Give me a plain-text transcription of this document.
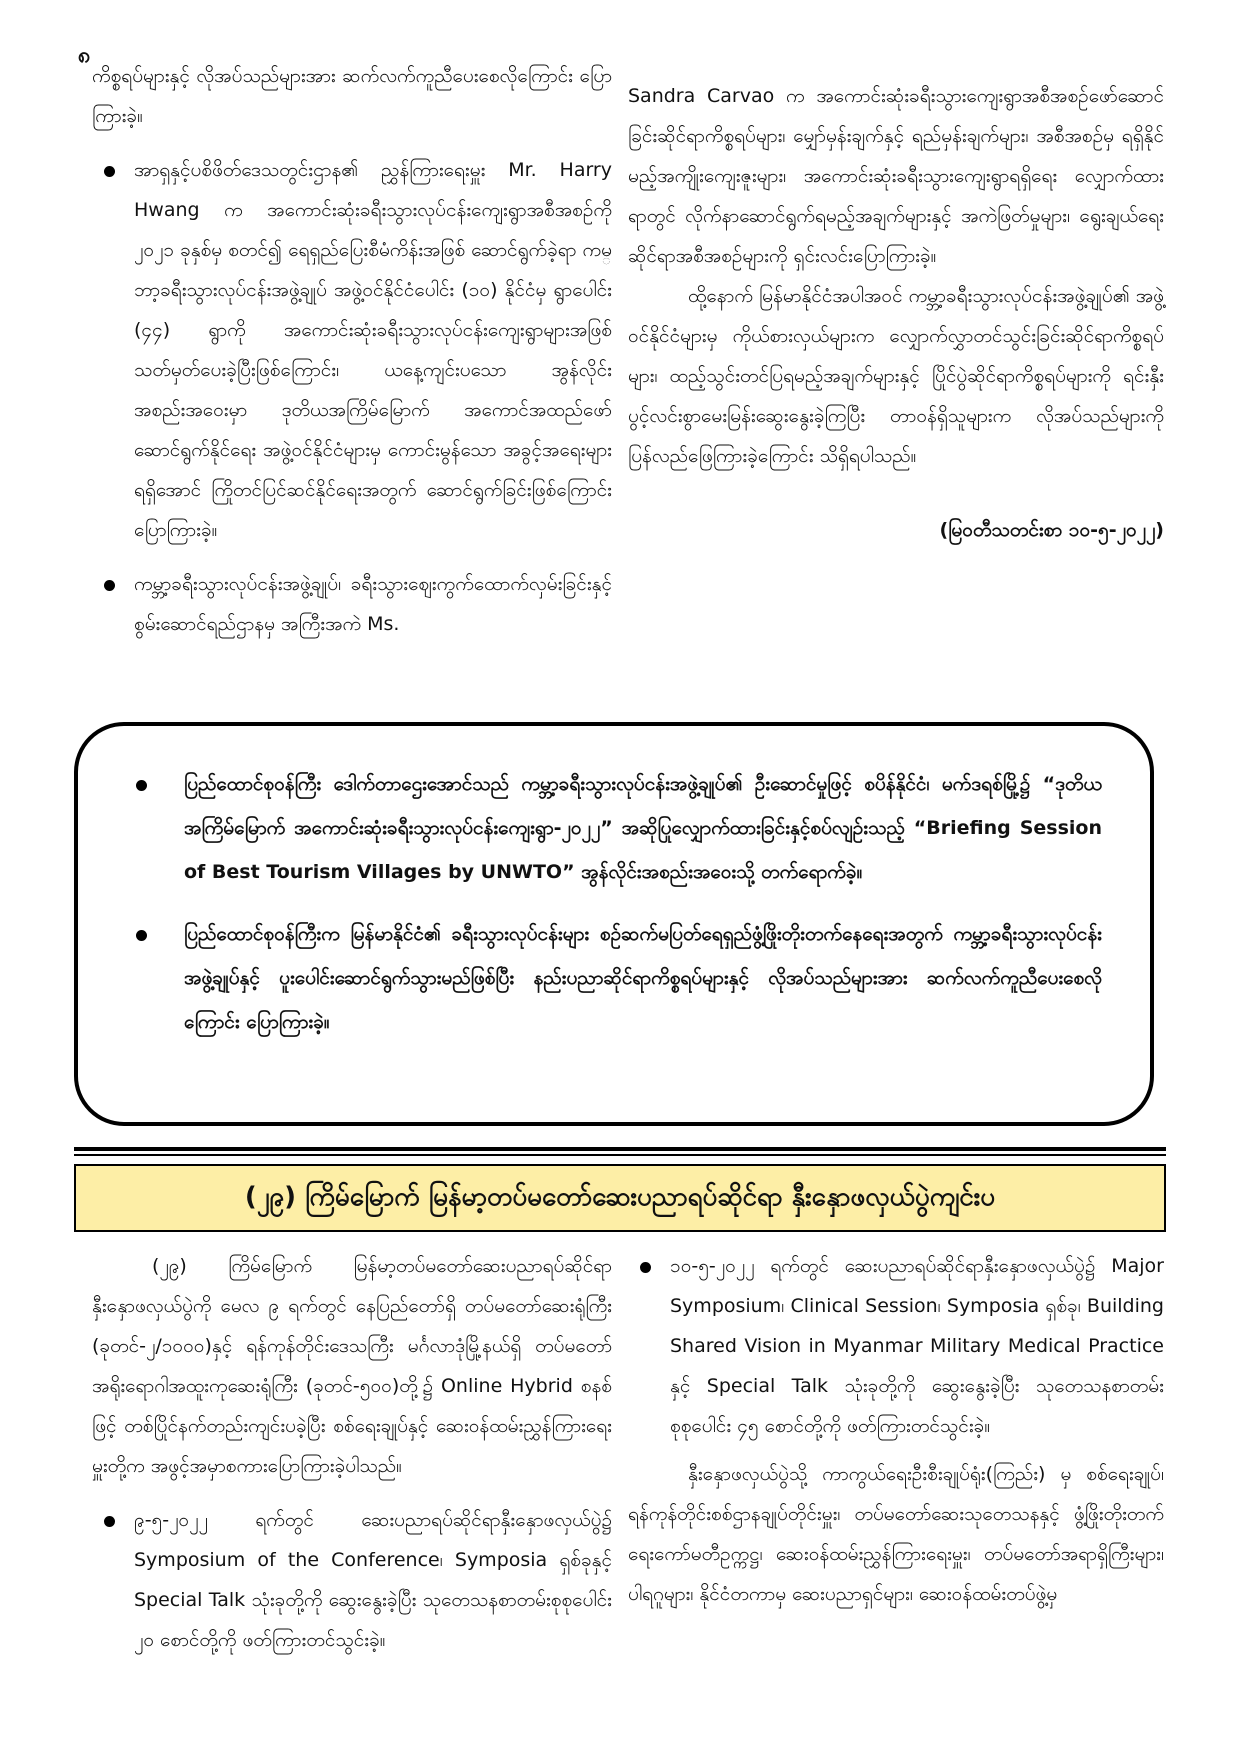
၈

ကိစ္စရပ်များနှင့် လိုအပ်သည်များအား ဆက်လက်ကူညီပေးစေလိုကြောင်း ပြောကြားခဲ့။

အာရှနှင့်ပစိဖိတ်ဒေသတွင်းဌာန၏ ညွှန်ကြားရေးမှူး Mr. Harry Hwang က အကောင်းဆုံးခရီးသွားလုပ်ငန်းကျေးရွာအစီအစဉ်ကို ၂၀၂၁ ခုနှစ်မှ စတင်၍ ရေရှည်ပြေးစီမံကိန်းအဖြစ် ဆောင်ရွက်ခဲ့ရာ ကမ္ဘာ့ခရီးသွားလုပ်ငန်းအဖွဲ့ချုပ် အဖွဲ့ဝင်နိုင်ငံပေါင်း (၁၀) နိုင်ငံမှ ရွာပေါင်း (၄၄) ရွာကို အကောင်းဆုံးခရီးသွားလုပ်ငန်းကျေးရွာများအဖြစ် သတ်မှတ်ပေးခဲ့ပြီးဖြစ်ကြောင်း၊ ယနေ့ကျင်းပသော အွန်လိုင်းအစည်းအဝေးမှာ ဒုတိယအကြိမ်မြောက် အကောင်အထည်ဖော်ဆောင်ရွက်နိုင်ရေး အဖွဲ့ဝင်နိုင်ငံများမှ ကောင်းမွန်သော အခွင့်အရေးများရရှိအောင် ကြိုတင်ပြင်ဆင်နိုင်ရေးအတွက် ဆောင်ရွက်ခြင်းဖြစ်ကြောင်း ပြောကြားခဲ့။

ကမ္ဘာ့ခရီးသွားလုပ်ငန်းအဖွဲ့ချုပ်၊ ခရီးသွားဈေးကွက်ထောက်လှမ်းခြင်းနှင့် စွမ်းဆောင်ရည်ဌာနမှ အကြီးအကဲ Ms.

Sandra Carvao က အကောင်းဆုံးခရီးသွားကျေးရွာအစီအစဉ်ဖော်ဆောင်ခြင်းဆိုင်ရာကိစ္စရပ်များ၊ မျှော်မှန်းချက်နှင့် ရည်မှန်းချက်များ၊ အစီအစဉ်မှ ရရှိနိုင်မည့်အကျိုးကျေးဇူးများ၊ အကောင်းဆုံးခရီးသွားကျေးရွာရရှိရေး လျှောက်ထားရာတွင် လိုက်နာဆောင်ရွက်ရမည့်အချက်များနှင့် အကဲဖြတ်မှုများ၊ ရွေးချယ်ရေးဆိုင်ရာအစီအစဉ်များကို ရှင်းလင်းပြောကြားခဲ့။

ထို့နောက် မြန်မာနိုင်ငံအပါအဝင် ကမ္ဘာ့ခရီးသွားလုပ်ငန်းအဖွဲ့ချုပ်၏ အဖွဲ့ဝင်နိုင်ငံများမှ ကိုယ်စားလှယ်များက လျှောက်လွှာတင်သွင်းခြင်းဆိုင်ရာကိစ္စရပ်များ၊ ထည့်သွင်းတင်ပြရမည့်အချက်များနှင့် ပြိုင်ပွဲဆိုင်ရာကိစ္စရပ်များကို ရင်းနှီးပွင့်လင်းစွာမေးမြန်းဆွေးနွေးခဲ့ကြပြီး တာဝန်ရှိသူများက လိုအပ်သည်များကို ပြန်လည်ဖြေကြားခဲ့ကြောင်း သိရှိရပါသည်။

(မြဝတီသတင်းစာ ၁၀-၅-၂၀၂၂)

ပြည်ထောင်စုဝန်ကြီး ဒေါက်တာဌေးအောင်သည် ကမ္ဘာ့ခရီးသွားလုပ်ငန်းအဖွဲ့ချုပ်၏ ဦးဆောင်မှုဖြင့် စပိန်နိုင်ငံ၊ မက်ဒရစ်မြို့၌ “ဒုတိယအကြိမ်မြောက် အကောင်းဆုံးခရီးသွားလုပ်ငန်းကျေးရွာ-၂၀၂၂” အဆိုပြုလျှောက်ထားခြင်းနှင့်စပ်လျဉ်းသည့် “Briefing Session of Best Tourism Villages by UNWTO” အွန်လိုင်းအစည်းအဝေးသို့ တက်ရောက်ခဲ့။

ပြည်ထောင်စုဝန်ကြီးက မြန်မာနိုင်ငံ၏ ခရီးသွားလုပ်ငန်းများ စဉ်ဆက်မပြတ်ရေရှည်ဖွံ့ဖြိုးတိုးတက်နေရေးအတွက် ကမ္ဘာ့ခရီးသွားလုပ်ငန်းအဖွဲ့ချုပ်နှင့် ပူးပေါင်းဆောင်ရွက်သွားမည်ဖြစ်ပြီး နည်းပညာဆိုင်ရာကိစ္စရပ်များနှင့် လိုအပ်သည်များအား ဆက်လက်ကူညီပေးစေလိုကြောင်း ပြောကြားခဲ့။

(၂၉) ကြိမ်မြောက် မြန်မာ့တပ်မတော်ဆေးပညာရပ်ဆိုင်ရာ နှီးနှောဖလှယ်ပွဲကျင်းပ

(၂၉) ကြိမ်မြောက် မြန်မာ့တပ်မတော်ဆေးပညာရပ်ဆိုင်ရာနှီးနှောဖလှယ်ပွဲကို မေလ ၉ ရက်တွင် နေပြည်တော်ရှိ တပ်မတော်ဆေးရုံကြီး (ခုတင်-၂/၁၀၀၀)နှင့် ရန်ကုန်တိုင်းဒေသကြီး မင်္ဂလာဒုံမြို့နယ်ရှိ တပ်မတော်အရိုးရောဂါအထူးကုဆေးရုံကြီး (ခုတင်-၅၀၀)တို့၌ Online Hybrid စနစ်ဖြင့် တစ်ပြိုင်နက်တည်းကျင်းပခဲ့ပြီး စစ်ရေးချုပ်နှင့် ဆေးဝန်ထမ်းညွှန်ကြားရေးမှူးတို့က အဖွင့်အမှာစကားပြောကြားခဲ့ပါသည်။

၉-၅-၂၀၂၂ ရက်တွင် ဆေးပညာရပ်ဆိုင်ရာနှီးနှောဖလှယ်ပွဲ၌ Symposium of the Conference၊ Symposia ရှစ်ခုနှင့် Special Talk သုံးခုတို့ကို ဆွေးနွေးခဲ့ပြီး သုတေသနစာတမ်းစုစုပေါင်း ၂၀ စောင်တို့ကို ဖတ်ကြားတင်သွင်းခဲ့။

၁၀-၅-၂၀၂၂ ရက်တွင် ဆေးပညာရပ်ဆိုင်ရာနှီးနှောဖလှယ်ပွဲ၌ Major Symposium၊ Clinical Session၊ Symposia ရှစ်ခု၊ Building Shared Vision in Myanmar Military Medical Practice နှင့် Special Talk သုံးခုတို့ကို ဆွေးနွေးခဲ့ပြီး သုတေသနစာတမ်းစုစုပေါင်း ၄၅ စောင်တို့ကို ဖတ်ကြားတင်သွင်းခဲ့။

နှီးနှောဖလှယ်ပွဲသို့ ကာကွယ်ရေးဦးစီးချုပ်ရုံး(ကြည်း) မှ စစ်ရေးချုပ်၊ ရန်ကုန်တိုင်းစစ်ဌာနချုပ်တိုင်းမှူး၊ တပ်မတော်ဆေးသုတေသနနှင့် ဖွံ့ဖြိုးတိုးတက်ရေးကော်မတီဥက္ကဋ္ဌ၊ ဆေးဝန်ထမ်းညွှန်ကြားရေးမှူး၊ တပ်မတော်အရာရှိကြီးများ၊ ပါရဂူများ၊ နိုင်ငံတကာမှ ဆေးပညာရှင်များ၊ ဆေးဝန်ထမ်းတပ်ဖွဲ့မှ
